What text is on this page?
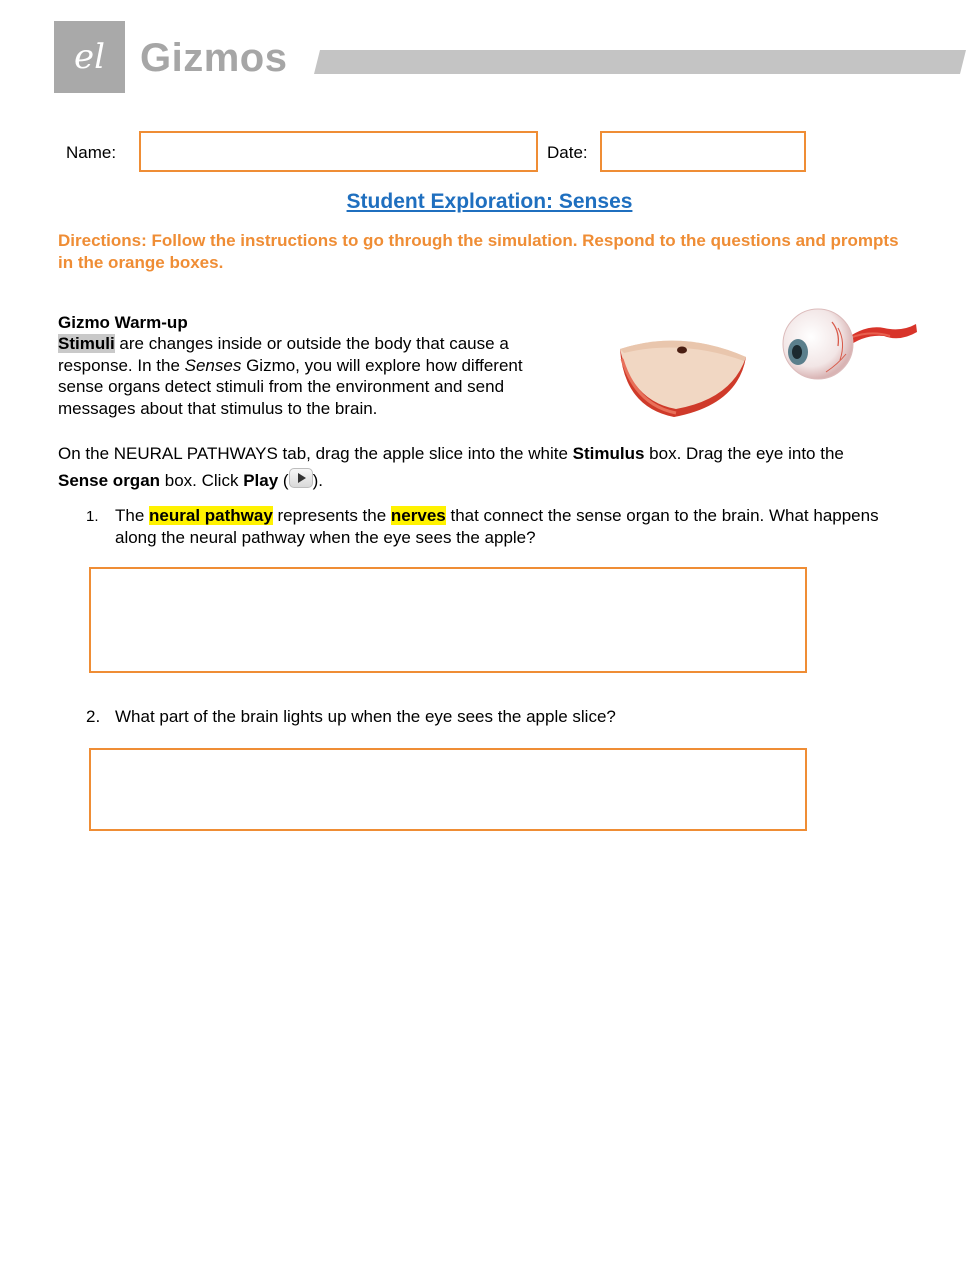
el Gizmos
Name:	Date:
Student Exploration: Senses
Directions: Follow the instructions to go through the simulation. Respond to the questions and prompts in the orange boxes.
Gizmo Warm-up
Stimuli are changes inside or outside the body that cause a response. In the Senses Gizmo, you will explore how different sense organs detect stimuli from the environment and send messages about that stimulus to the brain.
On the NEURAL PATHWAYS tab, drag the apple slice into the white Stimulus box. Drag the eye into the
Sense organ box. Click Play ( ).
1. The neural pathway represents the nerves that connect the sense organ to the brain. What happens along the neural pathway when the eye sees the apple?
2. What part of the brain lights up when the eye sees the apple slice?
